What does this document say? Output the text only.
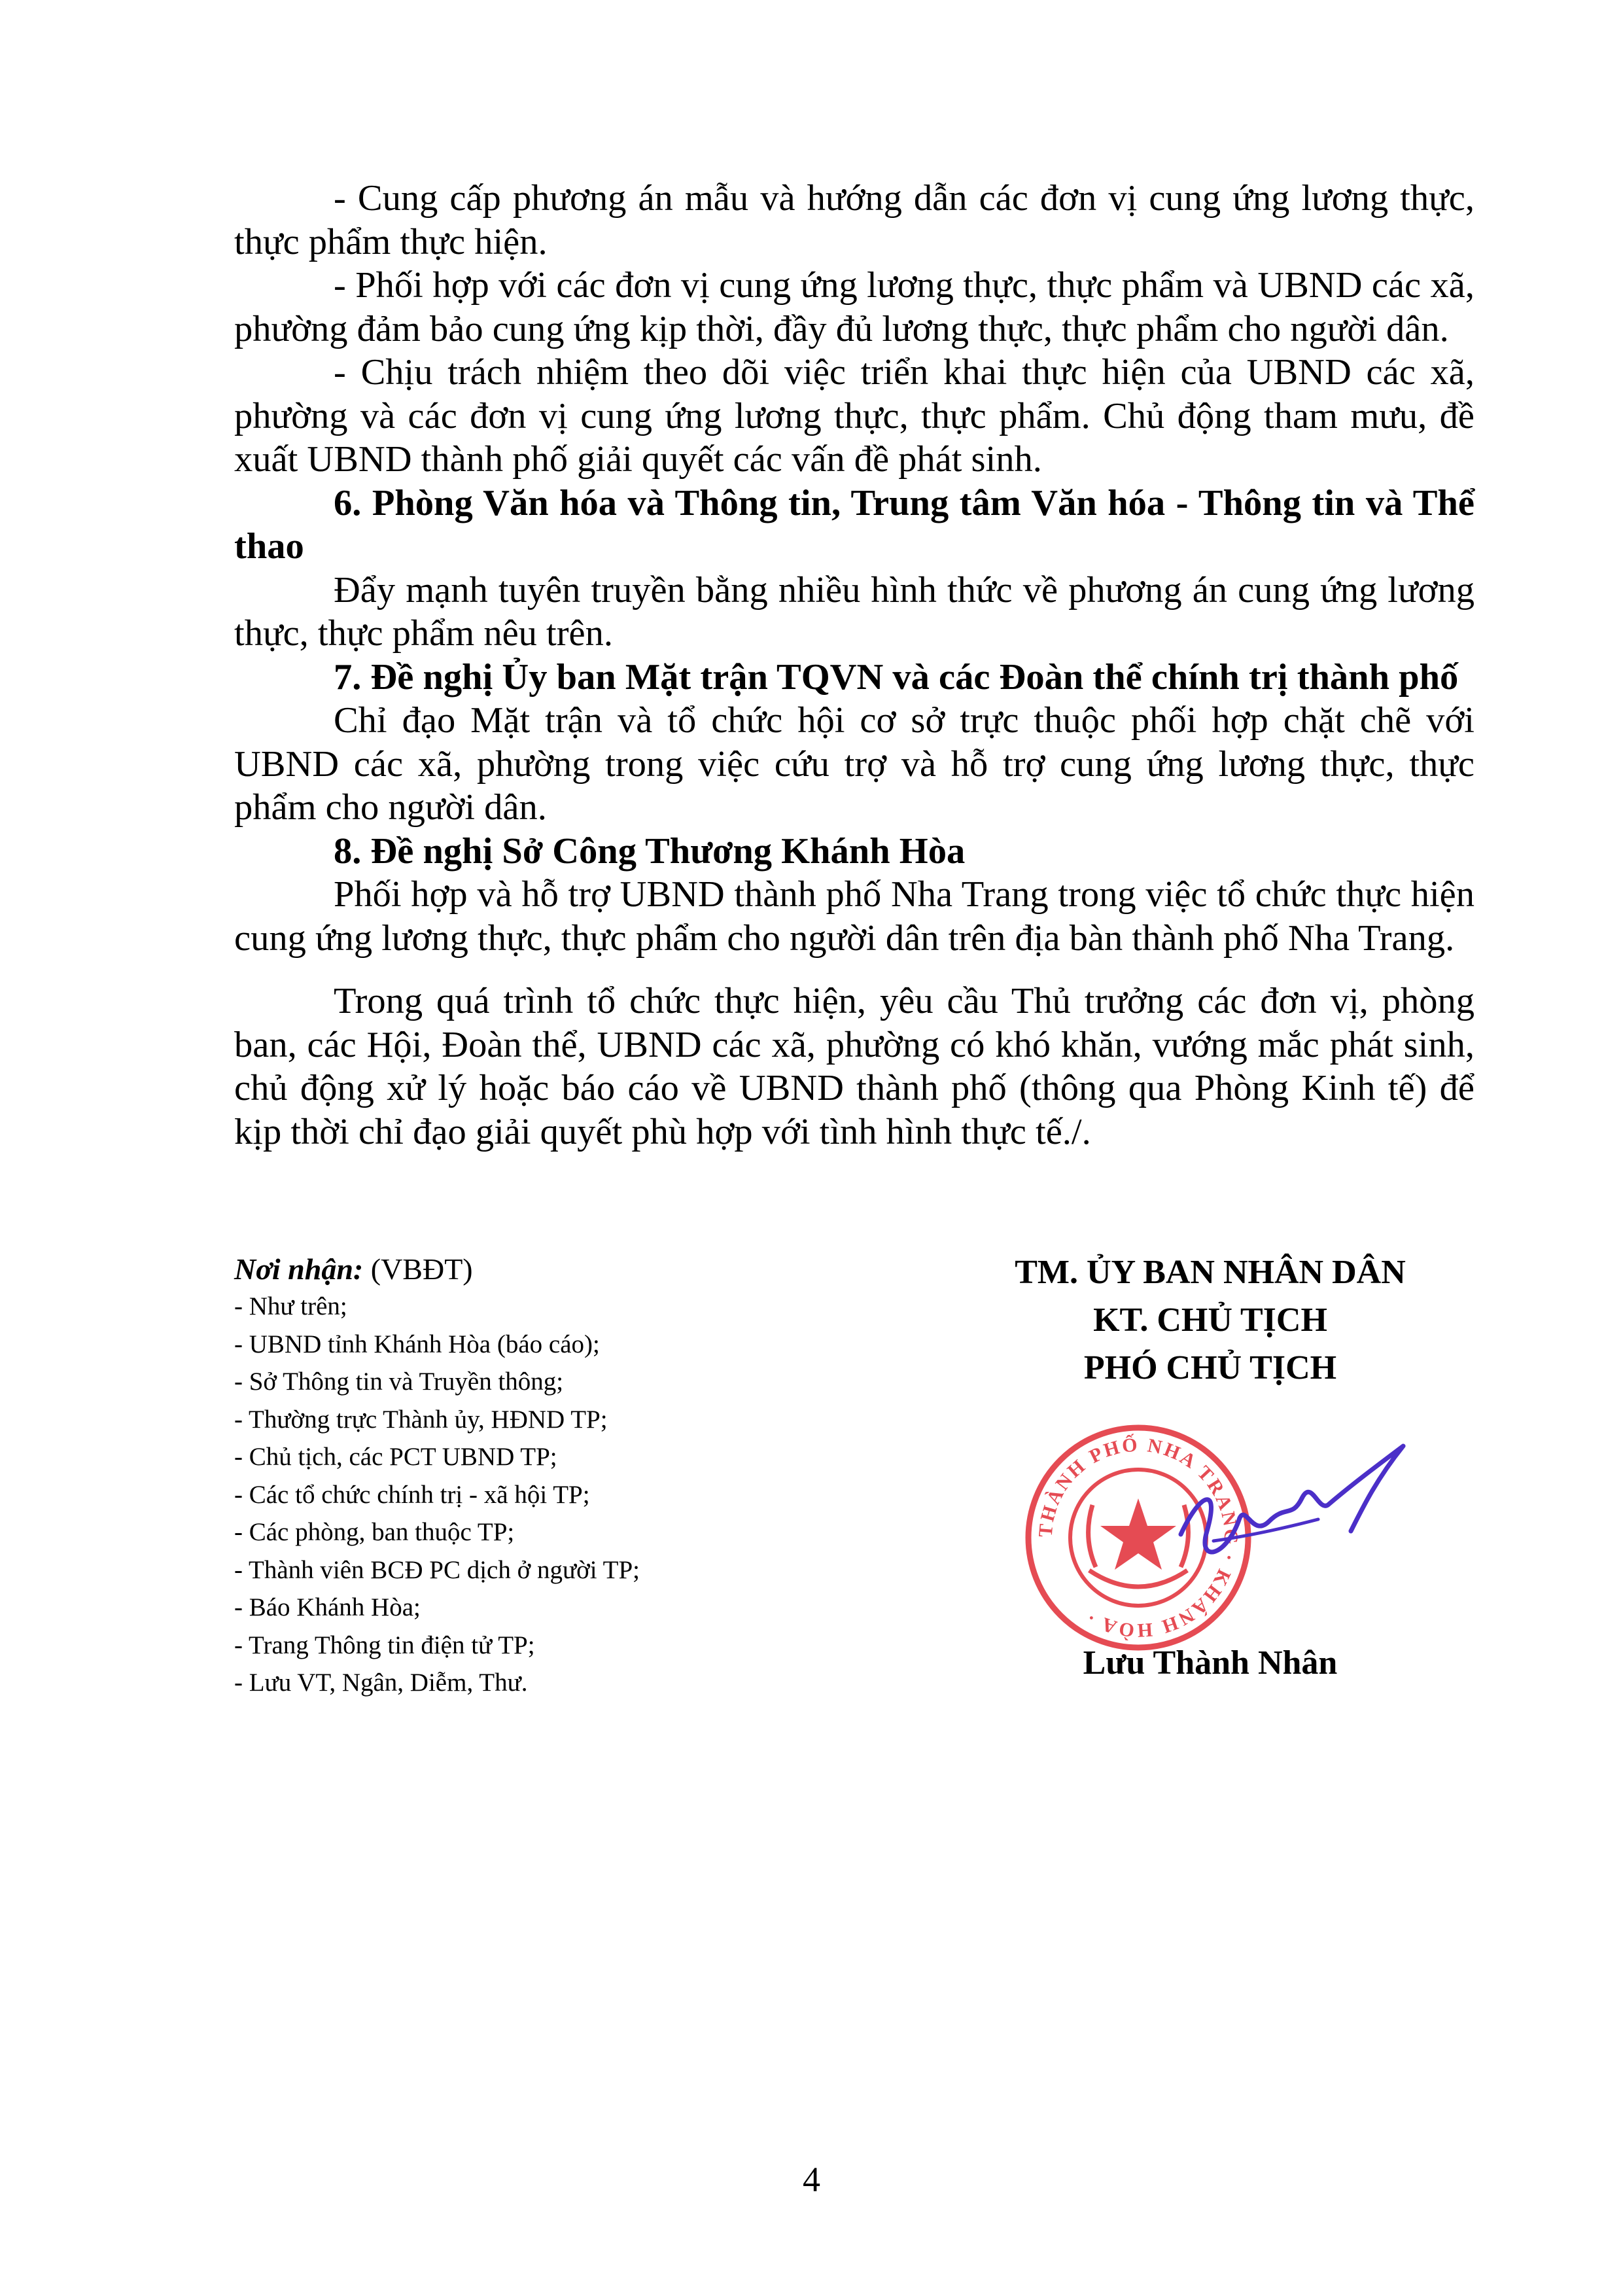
- Cung cấp phương án mẫu và hướng dẫn các đơn vị cung ứng lương thực, thực phẩm thực hiện.

- Phối hợp với các đơn vị cung ứng lương thực, thực phẩm và UBND các xã, phường đảm bảo cung ứng kịp thời, đầy đủ lương thực, thực phẩm cho người dân.

- Chịu trách nhiệm theo dõi việc triển khai thực hiện của UBND các xã, phường và các đơn vị cung ứng lương thực, thực phẩm. Chủ động tham mưu, đề xuất UBND thành phố giải quyết các vấn đề phát sinh.

6. Phòng Văn hóa và Thông tin, Trung tâm Văn hóa - Thông tin và Thể thao

Đẩy mạnh tuyên truyền bằng nhiều hình thức về phương án cung ứng lương thực, thực phẩm nêu trên.

7. Đề nghị Ủy ban Mặt trận TQVN và các Đoàn thể chính trị thành phố

Chỉ đạo Mặt trận và tổ chức hội cơ sở trực thuộc phối hợp chặt chẽ với UBND các xã, phường trong việc cứu trợ và hỗ trợ cung ứng lương thực, thực phẩm cho người dân.

8. Đề nghị Sở Công Thương Khánh Hòa

Phối hợp và hỗ trợ UBND thành phố Nha Trang trong việc tổ chức thực hiện cung ứng lương thực, thực phẩm cho người dân trên địa bàn thành phố Nha Trang.

Trong quá trình tổ chức thực hiện, yêu cầu Thủ trưởng các đơn vị, phòng ban, các Hội, Đoàn thể, UBND các xã, phường có khó khăn, vướng mắc phát sinh, chủ động xử lý hoặc báo cáo về UBND thành phố (thông qua Phòng Kinh tế) để kịp thời chỉ đạo giải quyết phù hợp với tình hình thực tế./.

Nơi nhận: (VBĐT)
- Như trên;
- UBND tỉnh Khánh Hòa (báo cáo);
- Sở Thông tin và Truyền thông;
- Thường trực Thành ủy, HĐND TP;
- Chủ tịch, các PCT UBND TP;
- Các tổ chức chính trị - xã hội TP;
- Các phòng, ban thuộc TP;
- Thành viên BCĐ PC dịch ở người TP;
- Báo Khánh Hòa;
- Trang Thông tin điện tử TP;
- Lưu VT, Ngân, Diễm, Thư.
TM. ỦY BAN NHÂN DÂN
KT. CHỦ TỊCH
PHÓ CHỦ TỊCH
Lưu Thành Nhân
THÀNH PHỐ NHA TRANG · KHÁNH HÒA ·
4
